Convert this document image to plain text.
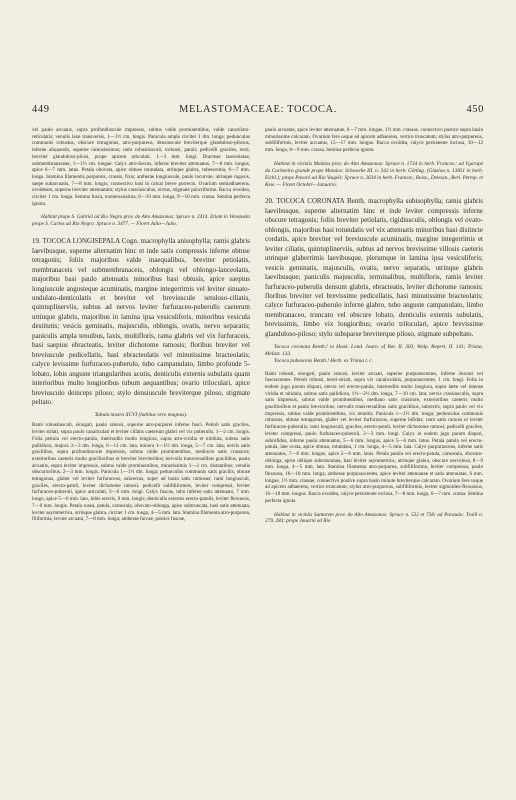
449	MELASTOMACEAE: TOCOCA.	450

vel paulo arcuatis, supra profundiuscule impressis, subtus valde prominentibus, valde cancellato-reticulatis; venulis laxe transversis, 1—1½ cm. longis. Panicula ampla circiter 1 dm. longa; pedunculus communis robustus, obscure tetragonus, atro-purpureus, densiuscule breviterque glanduloso-pilosus, inferne aliquando, superne ramosissimus; rami robustiusculi, tortuosi, patuli; pedicelli graciles, recti, breviter glanduloso-pilosi, prope apicem articulati, 1—3 mm. longi. Bracteae lanceolatae, submembranaceae, 1—1½ cm. longae. Calyx atro-fuscus, inferne breviter attenuatus, 7—8 mm. longus, apice 6—7 mm. latus. Petala obovata, apice obtuse rotundata, utrinque glabra, rubescentia, 6—7 mm. longa. Stamina filamentis purpureis, crassis, fixis; antherae longiuscule, paulo incurvae, utrinque rugosis, saepe subarcuatis, 7—8 mm. longis; connectivo basi in calcar breve porrecto. Ovarium semiadhaerens, ovoideum, superne breviter attenuatum; stylus crassiusculus, rectus, stigmate punctiforme. Bacca ovoidea, circiter 1 cm. longa. Semina fusca, numerosissima, 8—10 mm. longa, 9—10 mm. crassa. Semina perfecta ignota.

Habitat prope S. Gabriel ad Rio Negro prov. do Alto Amazonas: Spruce n. 2414. Etiam in Venezuela prope S. Carlos ad Rio Negro: Spruce n. 3477. — Floret Julio—Julio.

19. TOCOCA LONGISEPALA Cogn. macrophylla anisophylla; ramis glabris laevibusque, superne alternatim hinc et inde satis compressis inferne obtuse tetragonis; foliis majoribus valde inaequalibus, breviter petiolatis, membranaceis vel submembranaceis, oblongis vel oblongo-lanceolatis, majoribus basi paulo attenuatis minoribus basi obtusis, apice saepius longiuscule angusteque acuminatis, margine integerrimis vel leviter sinuato-undulato-denticulatis et breviter vel breviuscule setuloso-ciliatis, quintuplinerviis, subtus ad nervos leviter furfuraceo-puberulis caeterum utrinque glabris, majoribus in lamina ipsa vesiculiferis, minoribus vesicula destitutis; vesicis geminatis, majusculis, oblongis, ovatis, nervo separatis; paniculis ampla tenuibus, laxis, multifloris, rama glabris vel vix furfuraceis, basi saepius ebracteatis, leviter dichotome ramosis; floribus breviter vel breviuscule pedicellatis, basi ebracteolatis vel minutissime bracteolatis; calyce levissime furfuraceo-puberulo, tubo campanulato, limbo profunde 5-lobato, lobis anguste triangularibus acutis, denticulis externis subulatis quam interioribus multo longioribus tubum aequantibus; ovario triloculari, apice breviusculo deinceps piloso; stylo densiuscule breviterque piloso, stigmate peltato.

Tabula nostra XCVI (habitus vero magnus).

Rami robustiusculi, elongati, paulo ramosi, superne atro-purpurei inferne fusci. Petioli satis graciles, leviter striati, supra paulo canaliculati et leviter ciliatis caeterum glabri vel vix puberulis, 1—2 cm. longis. Folia petiola vel erecto-patula, internodiis multo longiora, supra atro-viridia et nitidula, subtus satis pallidiora, majora 3—3 dm. longa, 6—11 cm. lata, minora 1—1½ dm. longa, 5—7 cm. lata; nervis satis gracilibus, supra profundiuscule impressis, subtus valde prominentibus, mediocre satis crassiore, exterioribus caeteris multo gracilioribus et breviter breviteribus; nervulis transversalibus gracilibus, paulo arcuatis, supra leviter impressis, subtus valde prominentibus, minutissimis 1—2 cm. distantibus; venulis obscurioribus, 2—3 mm. longis. Panicula 1—1½ dm. longa; pedunculus communis satis gracilis, obtuse tetragonus, glaber vel leviter furfuraceus, subrectus, super ad basin satis ramosus; rami longiusculi, graciles, erecto-patuli, leviter dichotome ramosi; pedicelli subfiliformes, leviter compressi, leviter furfuraceo-puberuli, apice articulati, 3—6 mm. longi. Calyx fuscus, tubo inferne satis attenuato, 7 mm. longo, apice 5—6 mm. lato, lobis erectis, 8 mm. longis; denticulis externis erecto-patulis, leviter flexuosis, 7—8 mm. longis. Petala rosea, patula, carnosula, obovato-oblonga, apice subtruncata, basi satis attenuata, leviter asymmetrica, utrinque glabra, circiter 1 cm. longa, 4—5 mm. lata. Stamina filamenta atro-purpurea, filiformia, leviter arcuata, 7—8 mm. longa; antherae furcae, postice fuscae,

paulo arcuatae, apice leviter attenuatae, 6—7 mm. longae, 1½ mm. crassae, connectivo postice supra basin minutissime calcarato. Ovarium fere usque ad apicem adhaerens, vertice truncatum; stylus atro-purpureus, subfiliformis, leviter arcuatus, 15—17 mm. longus. Bacca ovoidea, calyce persistente inclusa, 10—12 mm. longa, 8—9 mm. crassa. Semina perfecta ignota.

Habitat in viciniis Manáos prov. do Alto Amazonas: Spruce n. 1734 in herb. Francav.; ad Ygarapé da Cachoeira grande prope Manáos: Schwacke III. n. 342 in herb. Göttlag. (Glaziou n. 13831 in herb. Eichl.); prope Pavaró ad Rio Vaupés: Spruce n. 2634 in herb. Francav., Boiss., Delessn., Berl. Petrop. et Kew. — Floret Octobri—Januario.

20. TOCOCA CORONATA Benth. macrophylla subisophylla; ramis glabris laevibusque, superne alternatim hinc et inde leviter compressis inferne obscure tetragonis; foliis breviter petiolatis, rigidiusculis, oblongis vel ovato-oblongis, majoribus basi rotundatis vel vix attenuatis minoribus basi distincte cordatis, apice breviter vel breviuscule acuminatis, margine integerrimis et leviter ciliatis, quintuplinerviis, subtus ad nervos brevissime villosis caeteris utrinque glaberrimis laevibusque, plerumque in lamina ipsa vesiculiferis; vesicis geminatis, majusculis, ovatis, nervo separatis, utrinque glabris laevibusque; paniculis majusculis, terminalibus, multifloris, ramis leviter furfuraceo-puberulis densum glabris, ebracteatis, leviter dichotome ramosis; floribus breviter vel brevissime pedicellatis, basi minutissime bracteolatis; calyce furfuraceo-puberulo inferne glabro, tubo anguste campanulato, limbo membranaceo, truncato vel obscure lobato, denticulis externis subulatis, brevissimis, limbo vix longioribus; ovario triloculari, apice brevissime glanduloso-piloso; stylo subsparse breviterque piloso, stigmate subpeltato.

Tococa coronata Benth.! in Hook. Lond. Journ. of Bot. II. 303; Walp. Repert. II. 141; Triana, Melast. 133.

Tococa pubescens Benth.! Herb. ex Triana l. c.

Rami robusti, elongati, paulo ramosi, leviter arcuati, superne purpurascentes, inferne obscuri vel fuscescentes. Petioli robusti, tereti-striati, supra vix canaliculatis, purpurascentes, 1 cm. longi. Folia in eodem jugo parum dispari, erecta vel erecto-patula, internodiis multo longiora, supra laete vel intense viridia et nitidula, subtus satis pallidiora, 1½—2½ dm. longa, 7—10 cm. lata; nervis crassiusculis, supra satis impressis, subtus valde prominentibus, mediano satis crassiore, exterioribus caeteris multo gracilioribus et paulo brevioribus; nervulis transversalibus satis gracilibus, subrectis, supra paulo vel vix impressis, subtus valde prominentibus, vix reunitis. Panicula 1—1½ dm. longa; pedunculus communis robustus, obtuse tetragonus, glaber vel leviter furfuraceus, superne bifidus; rami satis ramosi et leviter furfuraceo-puberulis; rami longiusculi, graciles, erecto-patuli, leviter dichotome ramosi; pedicelli graciles, leviter compressi, paulo furfuraceo-puberuli, 2—3 mm. longi. Calyx in eodem jugo parum dispari, subrufidus, inferne paulo attenuatus, 5—6 mm. longus, apice 5—6 mm. latus. Petala patula vel erecto-patula, late ovata, apice obtusa, rotundata, 1 cm. longa, 4—5 mm. lata. Calyx purpurascens, inferne satis attenuatus, 7—8 mm. longus, apice 5—6 mm. latus. Petala patula vel erecto-patula, carnosula, obovato-oblonga, apice oblique subrotundata, basi leviter asymmetrica, utrinque glabra, obscure nervulosa, 8—9 mm. longa, 4—5 mm. lata. Stamina filamenta atro-purpurea, subfiliformia, leviter compressa, paulo flexuosa, 16—18 mm. longa; antherae purpurascentes, apice leviter attenuatae et satis attenuatae, 6 mm. longae, 1½ mm. crassae, connectivo postice supra basin minute breviterque calcarato. Ovarium fere usque ad apicem adhaerens, vertice truncatum; stylus atro-purpureus, subfiliformis, leviter sigmoideo-flexuosus, 16—18 mm. longus. Bacca ovoidea, calyce persistente inclusa, 7—8 mm. longa, 6—7 mm. crassa. Semina perfecta ignota.

Habitat in viciniis Santarem prov. do Alto Amazonas: Spruce n. 532 et 738; ad Parauáo: Traill n. 279, 283; prope Jauarió ad Rio
